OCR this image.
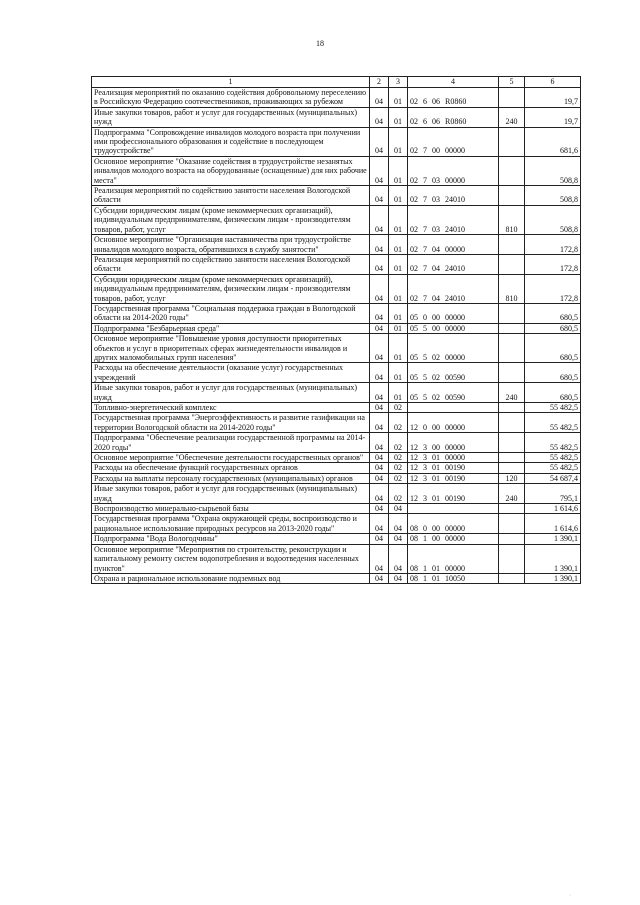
18
1	2	3	4	5	6
Реализация мероприятий по оказанию содействия добровольному переселению в Российскую Федерацию соотечественников, проживающих за рубежом	04	01	02 6 06 R0860		19,7
Иные закупки товаров, работ и услуг для государственных (муниципальных) нужд	04	01	02 6 06 R0860	240	19,7
Подпрограмма "Сопровождение инвалидов молодого возраста при получении ими профессионального образования и содействие в последующем трудоустройстве"	04	01	02 7 00 00000		681,6
Основное мероприятие "Оказание содействия в трудоустройстве незанятых инвалидов молодого возраста на оборудованные (оснащенные) для них рабочие места"	04	01	02 7 03 00000		508,8
Реализация мероприятий по содействию занятости населения Вологодской области	04	01	02 7 03 24010		508,8
Субсидии юридическим лицам (кроме некоммерческих организаций), индивидуальным предпринимателям, физическим лицам - производителям товаров, работ, услуг	04	01	02 7 03 24010	810	508,8
Основное мероприятие "Организация наставничества при трудоустройстве инвалидов молодого возраста, обратившихся в службу занятости"	04	01	02 7 04 00000		172,8
Реализация мероприятий по содействию занятости населения Вологодской области	04	01	02 7 04 24010		172,8
Субсидии юридическим лицам (кроме некоммерческих организаций), индивидуальным предпринимателям, физическим лицам - производителям товаров, работ, услуг	04	01	02 7 04 24010	810	172,8
Государственная программа "Социальная поддержка граждан в Вологодской области на 2014-2020 годы"	04	01	05 0 00 00000		680,5
Подпрограмма "Безбарьерная среда"	04	01	05 5 00 00000		680,5
Основное мероприятие "Повышение уровня доступности приоритетных объектов и услуг в приоритетных сферах жизнедеятельности инвалидов и других маломобильных групп населения"	04	01	05 5 02 00000		680,5
Расходы на обеспечение деятельности (оказание услуг) государственных учреждений	04	01	05 5 02 00590		680,5
Иные закупки товаров, работ и услуг для государственных (муниципальных) нужд	04	01	05 5 02 00590	240	680,5
Топливно-энергетический комплекс	04	02			55 482,5
Государственная программа "Энергоэффективность и развитие газификации на территории Вологодской области на 2014-2020 годы"	04	02	12 0 00 00000		55 482,5
Подпрограмма "Обеспечение реализации государственной программы на 2014-2020 годы"	04	02	12 3 00 00000		55 482,5
Основное мероприятие "Обеспечение деятельности государственных органов"	04	02	12 3 01 00000		55 482,5
Расходы на обеспечение функций государственных органов	04	02	12 3 01 00190		55 482,5
Расходы на выплаты персоналу государственных (муниципальных) органов	04	02	12 3 01 00190	120	54 687,4
Иные закупки товаров, работ и услуг для государственных (муниципальных) нужд	04	02	12 3 01 00190	240	795,1
Воспроизводство минерально-сырьевой базы	04	04			1 614,6
Государственная программа "Охрана окружающей среды, воспроизводство и рациональное использование природных ресурсов на 2013-2020 годы"	04	04	08 0 00 00000		1 614,6
Подпрограмма "Вода Вологодчины"	04	04	08 1 00 00000		1 390,1
Основное мероприятие "Мероприятия по строительству, реконструкции и капитальному ремонту систем водопотребления и водоотведения населенных пунктов"	04	04	08 1 01 00000		1 390,1
Охрана и рациональное использование подземных вод	04	04	08 1 01 10050		1 390,1
·
